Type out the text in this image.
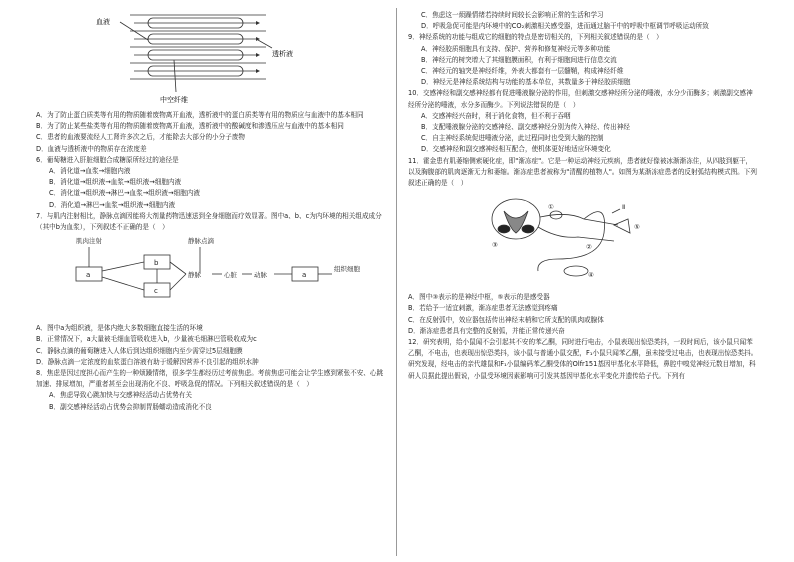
血液
透析液
中空纤维

A．为了防止蛋白质类等有用的物质随着废物离开血液，透析液中的蛋白质类等有用的物质应与血液中的基本相同

B．为了防止某些盐类等有用的物质随着废物离开血液，透析液中的酸碱度和渗透压应与血液中的基本相同

C．患者的血液要流经人工肾许多次之后，才能除去大部分的小分子废物

D．血液与透析液中的物质存在浓度差

6．葡萄糖进入肝脏细胞合成糖原所经过的途径是

A．消化道→血浆→细胞内液

B．消化道→组织液→血浆→组织液→细胞内液

C．消化道→组织液→淋巴→血浆→组织液→细胞内液

D．消化道→淋巴→血浆→组织液→细胞内液

7．与肌内注射相比，静脉点滴因能将大剂量药物迅速送到全身细胞而疗效显著。图中a、b、c为内环境的相关组成成分（其中b为血浆），下列叙述不正确的是（　）

肌肉注射	静脉点滴
a
b
c
a
静脉	心脏	动脉
组织细胞

A．图中a为组织液，是体内绝大多数细胞直接生活的环境

B．正常情况下，a大量被毛细血管吸收进入b，少量被毛细淋巴管吸收成为c

C．静脉点滴的葡萄糖进入人体后到达组织细胞内至少需穿过5层细胞膜

D．静脉点滴一定浓度的血浆蛋白溶液有助于缓解因营养不良引起的组织水肿

8．焦虑是因过度担心而产生的一种烦躁情绪，很多学生都经历过考前焦虑。考前焦虑可能会让学生感到紧张不安、心跳加速、排尿增加，严重者甚至会出现消化不良、呼吸急促的情况。下列相关叙述错误的是（　）

A．焦虑导致心跳加快与交感神经活动占优势有关

B．副交感神经活动占优势会抑制胃肠蠕动造成消化不良

C．焦虑这一烦躁情绪若持续时间较长会影响正常的生活和学习

D．呼吸急促可能是内环境中的CO₂刺激相关感受器，进而通过脑干中的呼吸中枢调节呼吸运动所致

9．神经系统的功能与组成它的细胞的特点是密切相关的，下列相关叙述错误的是（　）

A．神经胶质细胞具有支持、保护、营养和修复神经元等多种功能

B．神经元的树突增大了其细胞膜面积，有利于细胞间进行信息交流

C．神经元的轴突是神经纤维，外表大都套有一层髓鞘，构成神经纤维

D．神经元是神经系统结构与功能的基本单位，其数量多于神经胶质细胞

10．交感神经和副交感神经都有促进唾液腺分泌的作用，但刺激交感神经所分泌的唾液，水分少而酶多；刺激副交感神经所分泌的唾液，水分多而酶少。下列说法错误的是（　）

A．交感神经兴奋时，利于消化食物，但不利于吞咽

B．支配唾液腺分泌的交感神经、副交感神经分别为传入神经、传出神经

C．自主神经系统促进唾液分泌，此过程同时也受到大脑的控制

D．交感神经和副交感神经相互配合，使机体更好地适应环境变化

11．霍金患有肌萎缩侧索硬化症，即"渐冻症"。它是一种运动神经元疾病，患者就好像被冰渐渐冻住，从四肢到躯干，以及胸腹部的肌肉逐渐无力和萎缩。渐冻症患者被称为"清醒的植物人"。如图为某渐冻症患者的反射弧结构模式图。下列叙述正确的是（　）

①
②
③
④
⑤
Ⅱ

A．图中③表示的是神经中枢，⑤表示的是感受器

B．若给予一适宜刺激，渐冻症患者无法感觉到疼痛

C．在反射弧中，效应器包括传出神经末梢和它所支配的肌肉或腺体

D．渐冻症患者具有完整的反射弧，并能正常传递兴奋

12．研究表明，给小鼠闻不会引起其不安的苯乙酮，同时进行电击，小鼠表现出惊恐类抖，一段时间后，该小鼠只闻苯乙酮，不电击，也表现出惊恐类抖，该小鼠与普通小鼠交配，F₁小鼠只闻苯乙酮，虽未接受过电击，也表现出惊恐类抖。研究发现，经电击的亲代雄鼠和F₁小鼠编码苯乙酮受体的Olfr151基因甲基化水平降低，鼻腔中嗅觉神经元数目增加，科研人员据此提出假说，小鼠受环境因素影响可引发其基因甲基化水平变化并遗传给子代。下列有
